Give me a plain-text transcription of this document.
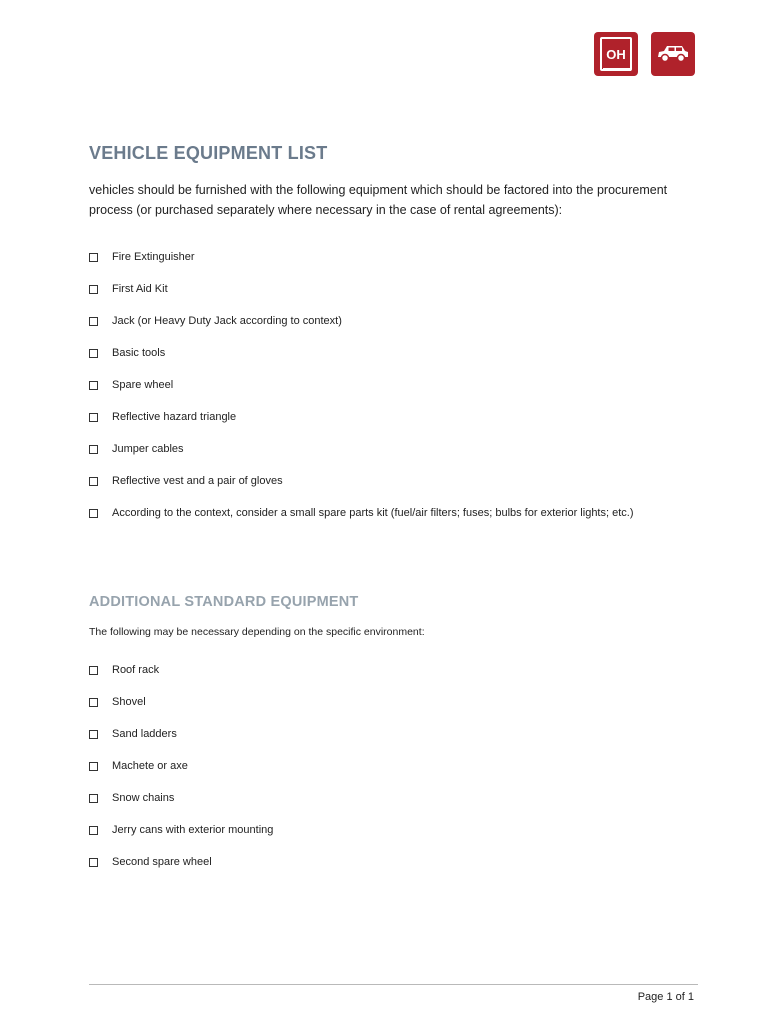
OH
VEHICLE EQUIPMENT LIST

vehicles should be furnished with the following equipment which should be factored into the procurement process (or purchased separately where necessary in the case of rental agreements):

Fire Extinguisher
First Aid Kit
Jack (or Heavy Duty Jack according to context)
Basic tools
Spare wheel
Reflective hazard triangle
Jumper cables
Reflective vest and a pair of gloves
According to the context, consider a small spare parts kit (fuel/air filters; fuses; bulbs for exterior lights; etc.)
ADDITIONAL STANDARD EQUIPMENT

The following may be necessary depending on the specific environment:

Roof rack
Shovel
Sand ladders
Machete or axe
Snow chains
Jerry cans with exterior mounting
Second spare wheel
Page 1 of 1
